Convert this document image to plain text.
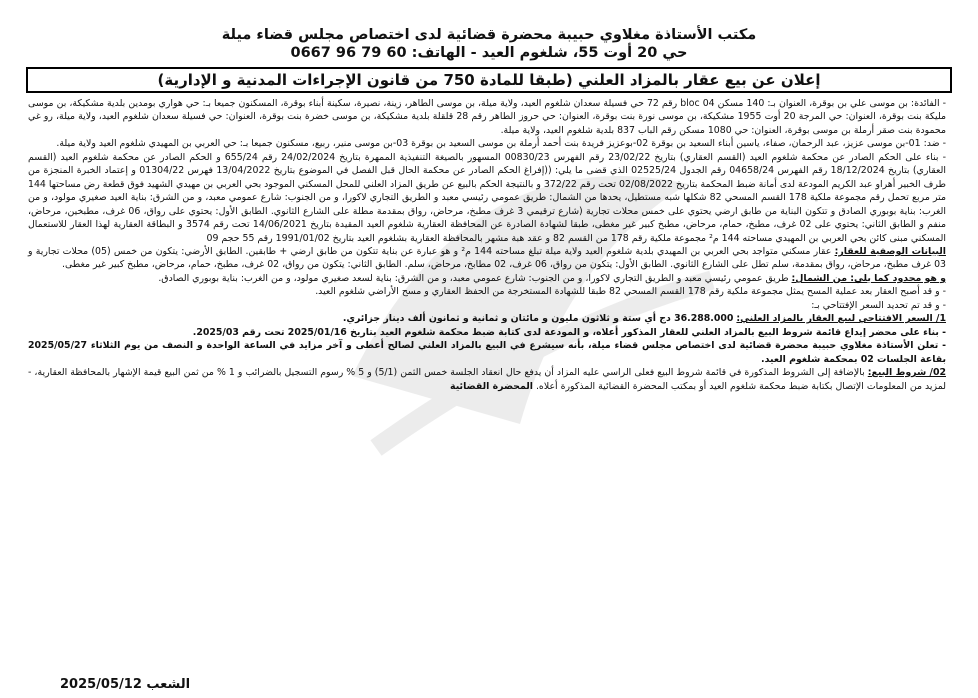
مكتب الأستاذة مغلاوي حبيبة محضرة قضائية لدى اختصاص مجلس قضاء ميلة
حي 20 أوت 55، شلغوم العيد - الهاتف: 60 79 96 0667
إعلان عن بيع عقار بالمزاد العلني (طبقا للمادة 750 من قانون الإجراءات المدنية و الإدارية)

- الفائدة: بن موسى علي بن بوقرة، العنوان بـ: 140 مسكن bloc 04 رقم 72 حي فسيلة سعدان شلغوم العيد، ولاية ميلة، بن موسى الطاهر، زينة، نصيرة، سكينة أبناء بوقرة، المسكنون جميعا بـ: حي هواري بومدين بلدية مشكيكة، بن موسى مليكة بنت بوقرة، العنوان: حي المرجة 20 أوت 1955 مشكيكة، بن موسى نورة بنت بوقرة، العنوان: حي حروز الطاهر رقم 28 قلقلة بلدية مشكيكة، بن موسى خضرة بنت بوقرة، العنوان: حي فسيلة سعدان شلغوم العيد، ولاية ميلة، رو غي محمودة بنت صقر أرملة بن موسى بوقرة، العنوان: حي 1080 مسكن رقم الباب 837 بلدية شلغوم العيد، ولاية ميلة.

- ضد: 01-بن موسى عزيز، عبد الرحمان، صفاء، ياسين أبناء السعيد بن بوقرة 02-بوعزيز فريدة بنت أحمد أرملة بن موسى السعيد بن بوقرة 03-بن موسى منير، ربيع، مسكنون جميعا بـ: حي العربي بن المهيدي شلغوم العيد ولاية ميلة.

- بناء على الحكم الصادر عن محكمة شلغوم العيد (القسم العقاري) بتاريخ 23/02/22 رقم الفهرس 00830/23 المسهور بالصيغة التنفيذية الممهرة بتاريخ 24/02/2024 رقم 655/24 و الحكم الصادر عن محكمة شلغوم العيد (القسم العقاري) بتاريخ 18/12/2024 رقم الفهرس 04658/24 رقم الجدول 02525/24 الذي قضى ما يلي: ((إفراغ الحكم الصادر عن محكمة الحال قبل الفصل في الموضوع بتاريخ 13/04/2022 فهرس 01304/22 و إعتماد الخبرة المنجزة من طرف الخبير أهراو عبد الكريم المودعة لدى أمانة ضبط المحكمة بتاريخ 02/08/2022 تحت رقم 372/22 و بالنتيجة الحكم بالبيع عن طريق المزاد العلني للمحل المسكني الموجود بحي العربي بن مهيدي الشهيد فوق قطعة رض مساحتها 144 متر مربع تحمل رقم مجموعة ملكية 178 القسم المسحي 82 شكلها شبه مستطيل، يحدها من الشمال: طريق عمومي رئيسي معبد و الطريق التجاري لاكورا، و من الجنوب: شارع عمومي معبد، و من الشرق: بناية العيد صغيري مولود، و من الغرب: بناية بوبوري الصادق و تتكون البناية من طابق ارضي يحتوي على خمس محلات تجارية (شارع ترقيمي 3 غرف مطبخ، مرحاض، رواق بمقدمة مطلة على الشارع الثانوي. الطابق الأول: يحتوي على رواق، 06 غرف، مطبخين، مرحاض، منفم و الطابق الثاني: يحتوي على 02 غرف، مطبخ، حمام، مرحاض، مطبخ كبير غير مغطى، طبقا لشهادة الصادرة عن المحافظة العقارية شلغوم العيد المقيدة بتاريخ 14/06/2021 تحت رقم 3574 و البطاقة العقارية لهذا العقار للاستعمال المسكني مبنى كائن بحي العربي بن المهيدي مساحته 144 م² مجموعة ملكية رقم 178 من القسم 82 و عقد هبة مشهر بالمحافظة العقارية بشلغوم العيد بتاريخ 1991/01/02 رقم 55 حجم 09

البيانات الوصفية للعقار: عقار مسكني متواجد بحي العربي بن المهيدي بلدية شلغوم العيد ولاية ميلة تبلغ مساحته 144 م² و هو عبارة عن بناية تتكون من طابق ارضي + طابقين. الطابق الأرضي: يتكون من خمس (05) محلات تجارية و 03 غرف مطبخ، مرحاض، رواق بمقدمة، سلم تطل على الشارع الثانوي. الطابق الأول: يتكون من رواق، 06 غرف، 02 مطابخ، مرحاض، سلم. الطابق الثاني: يتكون من رواق، 02 غرف، مطبخ، حمام، مرحاض، مطبخ كبير غير مغطى.

و هو محدود كما يلي: من الشمال: طريق عمومي رئيسي معبد و الطريق التجاري لاكورا، و من الجنوب: شارع عمومي معبد، و من الشرق: بناية لسعد صغيري مولود، و من الغرب: بناية بوبوري الصادق.

- و قد أصبح العقار بعد عملية المسح يمثل مجموعة ملكية رقم 178 القسم المسحي 82 طبقا للشهادة المستخرجة من الحفظ العقاري و مسح الأراضي شلغوم العيد.

- و قد تم تحديد السعر الإفتتاحي بـ:

1/ السعر الافتتاحي لبيع العقار بالمزاد العلني: 36.288.000 دج أي ستة و ثلاثون مليون و مائتان و ثمانية و ثمانون ألف دينار جزائري.

- بناء على محضر إيداع قائمة شروط البيع بالمزاد العلني للعقار المذكور أعلاه، و المودعة لدى كتابة ضبط محكمة شلغوم العيد بتاريخ 2025/01/16 تحت رقم 2025/03.

- تعلن الأستاذة مغلاوي حبيبة محضرة قضائية لدى اختصاص مجلس قضاء ميلة، بأنه سيشرع في البيع بالمزاد العلني لصالح أعطى و آخر مزايد في الساعة الواحدة و النصف من يوم الثلاثاء 2025/05/27 بقاعة الجلسات 02 بمحكمة شلغوم العيد.

02/ شروط البيع: بالإضافة إلى الشروط المذكورة في قائمة شروط البيع فعلى الراسي عليه المزاد أن يدفع حال انعقاد الجلسة خمس الثمن (5/1) و 5 % رسوم التسجيل بالضرائب و 1 % من ثمن البيع قيمة الإشهار بالمحافظة العقارية، - لمزيد من المعلومات الإتصال بكتابة ضبط محكمة شلغوم العيد أو بمكتب المحضرة القضائية المذكورة أعلاه. المحضرة القضائية

الشعب 2025/05/12
